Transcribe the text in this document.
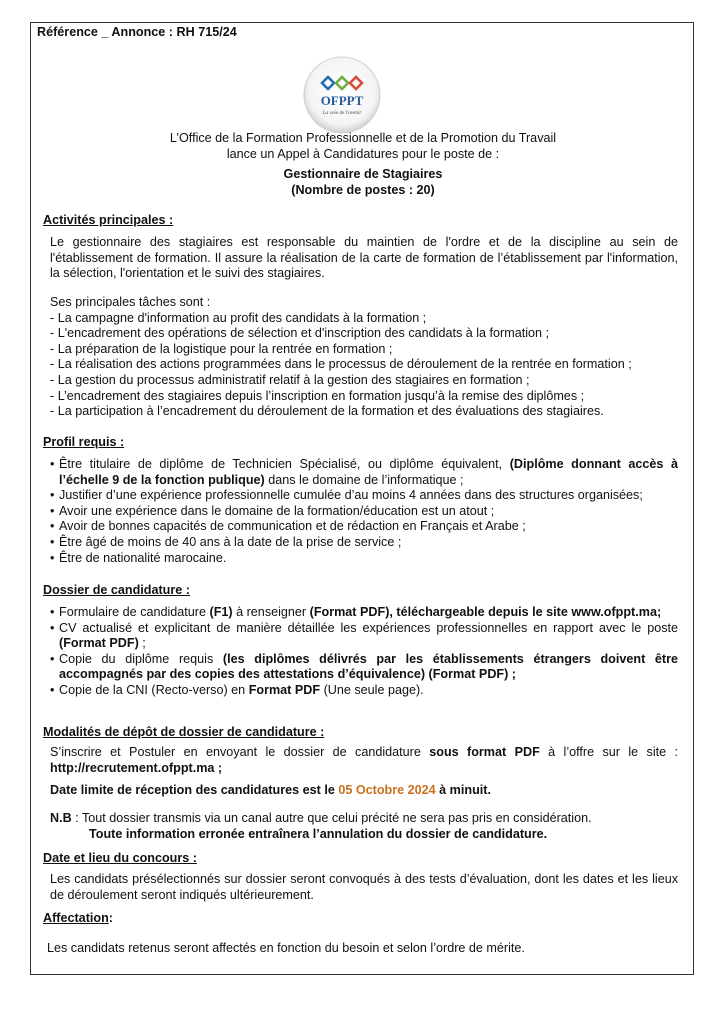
Référence _ Annonce : RH 715/24
OFPPT
La voie de l'avenir
L’Office de la Formation Professionnelle et de la Promotion du Travail
lance un Appel à Candidatures pour le poste de :
Gestionnaire de Stagiaires
(Nombre de postes : 20)
Activités principales :
Le gestionnaire des stagiaires est responsable du maintien de l'ordre et de la discipline au sein de l'établissement de formation. Il assure la réalisation de la carte de formation de l’établissement par l'information, la sélection, l'orientation et le suivi des stagiaires.
Ses principales tâches sont :
- La campagne d'information au profit des candidats à la formation ;
- L'encadrement des opérations de sélection et d'inscription des candidats à la formation ;
- La préparation de la logistique pour la rentrée en formation ;
- La réalisation des actions programmées dans le processus de déroulement de la rentrée en formation ;
- La gestion du processus administratif relatif à la gestion des stagiaires en formation ;
- L’encadrement des stagiaires depuis l’inscription en formation jusqu’à la remise des diplômes ;
- La participation à l’encadrement du déroulement de la formation et des évaluations des stagiaires.
Profil requis :
• Être titulaire de diplôme de Technicien Spécialisé, ou diplôme équivalent, (Diplôme donnant accès à l’échelle 9 de la fonction publique) dans le domaine de l’informatique ;
• Justifier d’une expérience professionnelle cumulée d’au moins 4 années dans des structures organisées;
• Avoir une expérience dans le domaine de la formation/éducation est un atout ;
• Avoir de bonnes capacités de communication et de rédaction en Français et Arabe ;
• Être âgé de moins de 40 ans à la date de la prise de service ;
• Être de nationalité marocaine.
Dossier de candidature :
• Formulaire de candidature (F1) à renseigner (Format PDF), téléchargeable depuis le site www.ofppt.ma;
• CV actualisé et explicitant de manière détaillée les expériences professionnelles en rapport avec le poste (Format PDF) ;
• Copie du diplôme requis (les diplômes délivrés par les établissements étrangers doivent être accompagnés par des copies des attestations d’équivalence) (Format PDF) ;
• Copie de la CNI (Recto-verso) en Format PDF (Une seule page).
Modalités de dépôt de dossier de candidature :
S’inscrire et Postuler en envoyant le dossier de candidature sous format PDF à l’offre sur le site : http://recrutement.ofppt.ma ;
Date limite de réception des candidatures est le 05 Octobre 2024 à minuit.
N.B : Tout dossier transmis via un canal autre que celui précité ne sera pas pris en considération.
Toute information erronée entraînera l’annulation du dossier de candidature.
Date et lieu du concours :
Les candidats présélectionnés sur dossier seront convoqués à des tests d’évaluation, dont les dates et les lieux de déroulement seront indiqués ultérieurement.
Affectation:
Les candidats retenus seront affectés en fonction du besoin et selon l’ordre de mérite.
